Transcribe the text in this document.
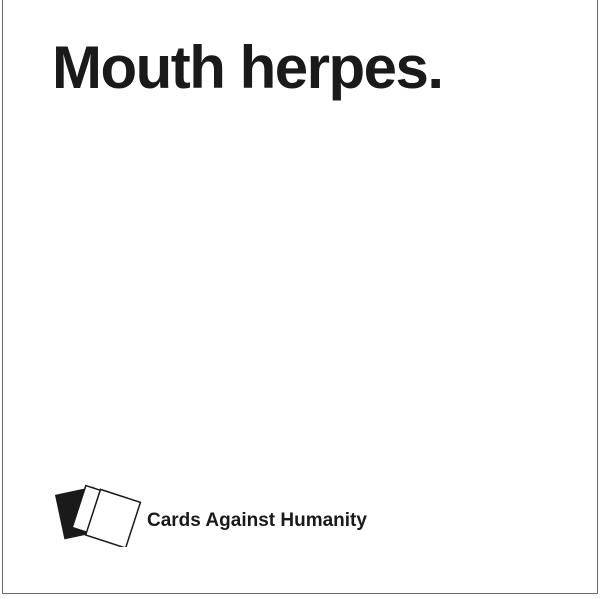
Mouth herpes.
Cards Against Humanity
